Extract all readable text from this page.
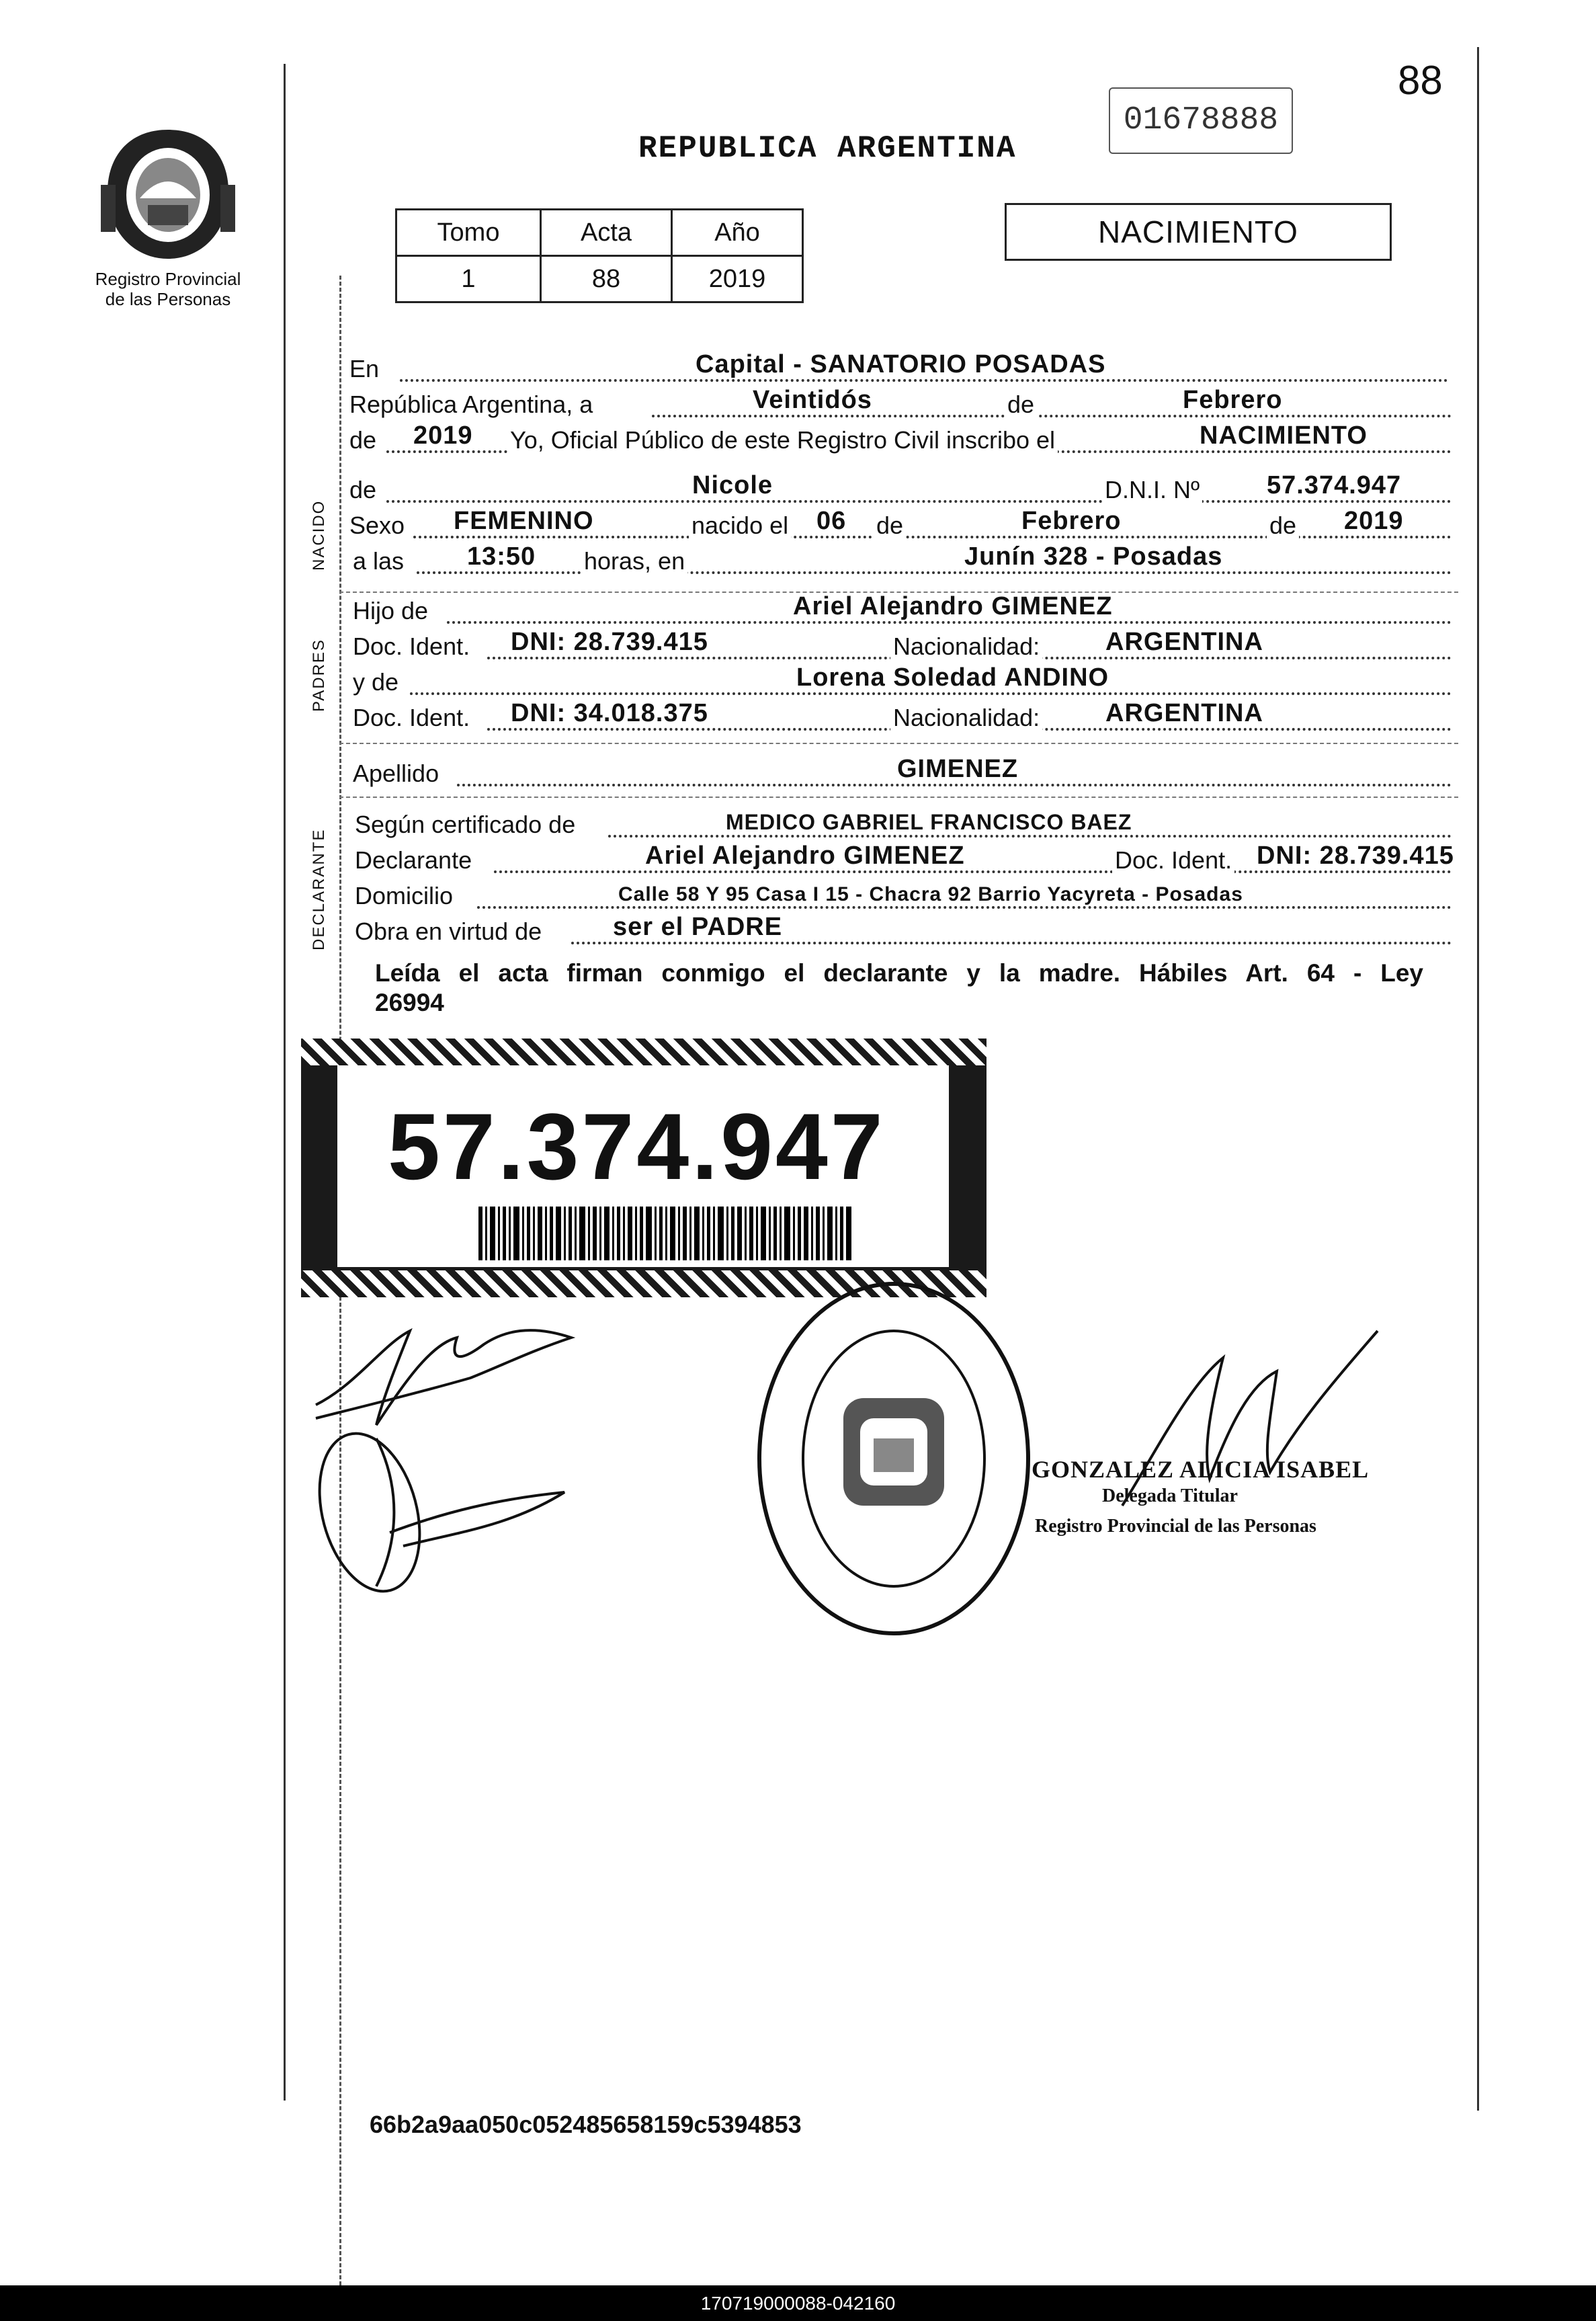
Registro Provincial
de las Personas
88
01678888
REPUBLICA ARGENTINA
Tomo	Acta	Año
1	88	2019
NACIMIENTO
En	Capital - SANATORIO POSADAS
República Argentina, a	Veintidós	de	Febrero
de 2019 Yo, Oficial Público de este Registro Civil inscribo el	NACIMIENTO
NACIDO
de	Nicole	D.N.I. Nº	57.374.947
Sexo FEMENINO	nacido el 06 de	Febrero	de 2019
a las 13:50 horas, en	Junín 328 - Posadas
PADRES
Hijo de	Ariel Alejandro GIMENEZ
Doc. Ident. DNI: 28.739.415	Nacionalidad:	ARGENTINA
y de	Lorena Soledad ANDINO
Doc. Ident. DNI: 34.018.375	Nacionalidad:	ARGENTINA
Apellido	GIMENEZ
DECLARANTE
Según certificado de	MEDICO GABRIEL FRANCISCO BAEZ
Declarante	Ariel Alejandro GIMENEZ	Doc. Ident. DNI: 28.739.415
Domicilio	Calle 58 Y 95 Casa I 15 - Chacra 92 Barrio Yacyreta - Posadas
Obra en virtud de	ser el PADRE
Leída el acta firman conmigo el declarante y la madre. Hábiles Art. 64 - Ley
26994
57.374.947
GONZALEZ ALICIA ISABEL
Delegada Titular
Registro Provincial de las Personas
66b2a9aa050c052485658159c5394853
170719000088-042160
